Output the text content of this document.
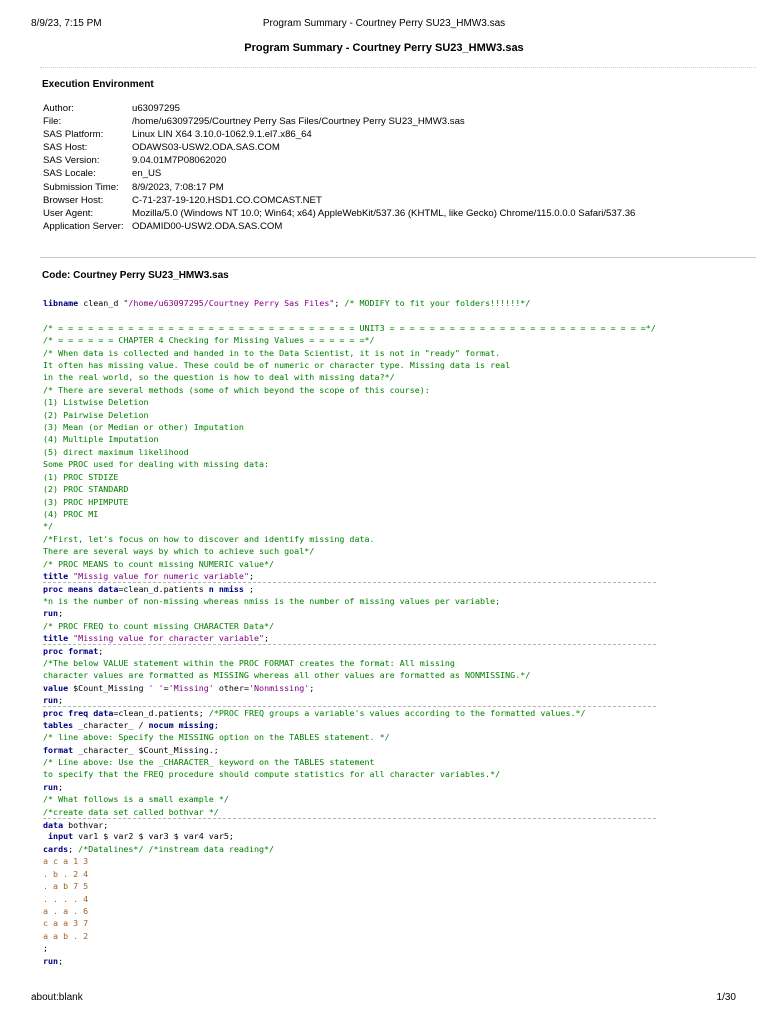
8/9/23, 7:15 PM	Program Summary - Courtney Perry SU23_HMW3.sas
Program Summary - Courtney Perry SU23_HMW3.sas
Execution Environment
Author:	u63097295
File:	/home/u63097295/Courtney Perry Sas Files/Courtney Perry SU23_HMW3.sas
SAS Platform:	Linux LIN X64 3.10.0-1062.9.1.el7.x86_64
SAS Host:	ODAWS03-USW2.ODA.SAS.COM
SAS Version:	9.04.01M7P08062020
SAS Locale:	en_US
Submission Time:	8/9/2023, 7:08:17 PM
Browser Host:	C-71-237-19-120.HSD1.CO.COMCAST.NET
User Agent:	Mozilla/5.0 (Windows NT 10.0; Win64; x64) AppleWebKit/537.36 (KHTML, like Gecko) Chrome/115.0.0.0 Safari/537.36
Application Server: ODAMID00-USW2.ODA.SAS.COM
Code: Courtney Perry SU23_HMW3.sas
libname clean_d "/home/u63097295/Courtney Perry Sas Files"; /* MODIFY to fit your folders!!!!!!*/
/* = = = = = = = = = = = = = = = = = = = = = = = = = = = = = = UNIT3 = = = = = = = = = = = = = = = = = = = = = = = = = =*/
/* = = = = = = CHAPTER 4 Checking for Missing Values = = = = = =*/
/* When data is collected and handed in to the Data Scientist, it is not in "ready" format.
It often has missing value. These could be of numeric or character type. Missing data is real
in the real world, so the question is how to deal with missing data?*/
/* There are several methods (some of which beyond the scope of this course):
(1) Listwise Deletion
(2) Pairwise Deletion
(3) Mean (or Median or other) Imputation
(4) Multiple Imputation
(5) direct maximum likelihood
Some PROC used for dealing with missing data:
(1) PROC STDIZE
(2) PROC STANDARD
(3) PROC HPIMPUTE
(4) PROC MI
*/
/*First, let's focus on how to discover and identify missing data.
There are several ways by which to achieve such goal*/
/* PROC MEANS to count missing NUMERIC value*/
title "Missig value for numeric variable";
proc means data=clean_d.patients n nmiss ;
*n is the number of non-missing whereas nmiss is the number of missing values per variable;
run;
/* PROC FREQ to count missing CHARACTER Data*/
title "Missing value for character variable";
proc format;
/*The below VALUE statement within the PROC FORMAT creates the format: All missing
character values are formatted as MISSING whereas all other values are formatted as NONMISSING.*/
value $Count_Missing ' '='Missing' other='Nonmissing';
run;
proc freq data=clean_d.patients; /*PROC FREQ groups a variable's values according to the formatted values.*/
tables _character_ / nocum missing;
/* line above: Specify the MISSING option on the TABLES statement. */
format _character_ $Count_Missing.;
/* Line above: Use the _CHARACTER_ keyword on the TABLES statement
to specify that the FREQ procedure should compute statistics for all character variables.*/
run;
/* What follows is a small example */
/*create data set called bothvar */
data bothvar;
input var1 $ var2 $ var3 $ var4 var5;
cards; /*Datalines*/ /*instream data reading*/
a c a 1 3
. b . 2 4
. a b 7 5
. . . . 4
a . a . 6
c a a 3 7
a a b . 2
;
run;
about:blank	1/30
